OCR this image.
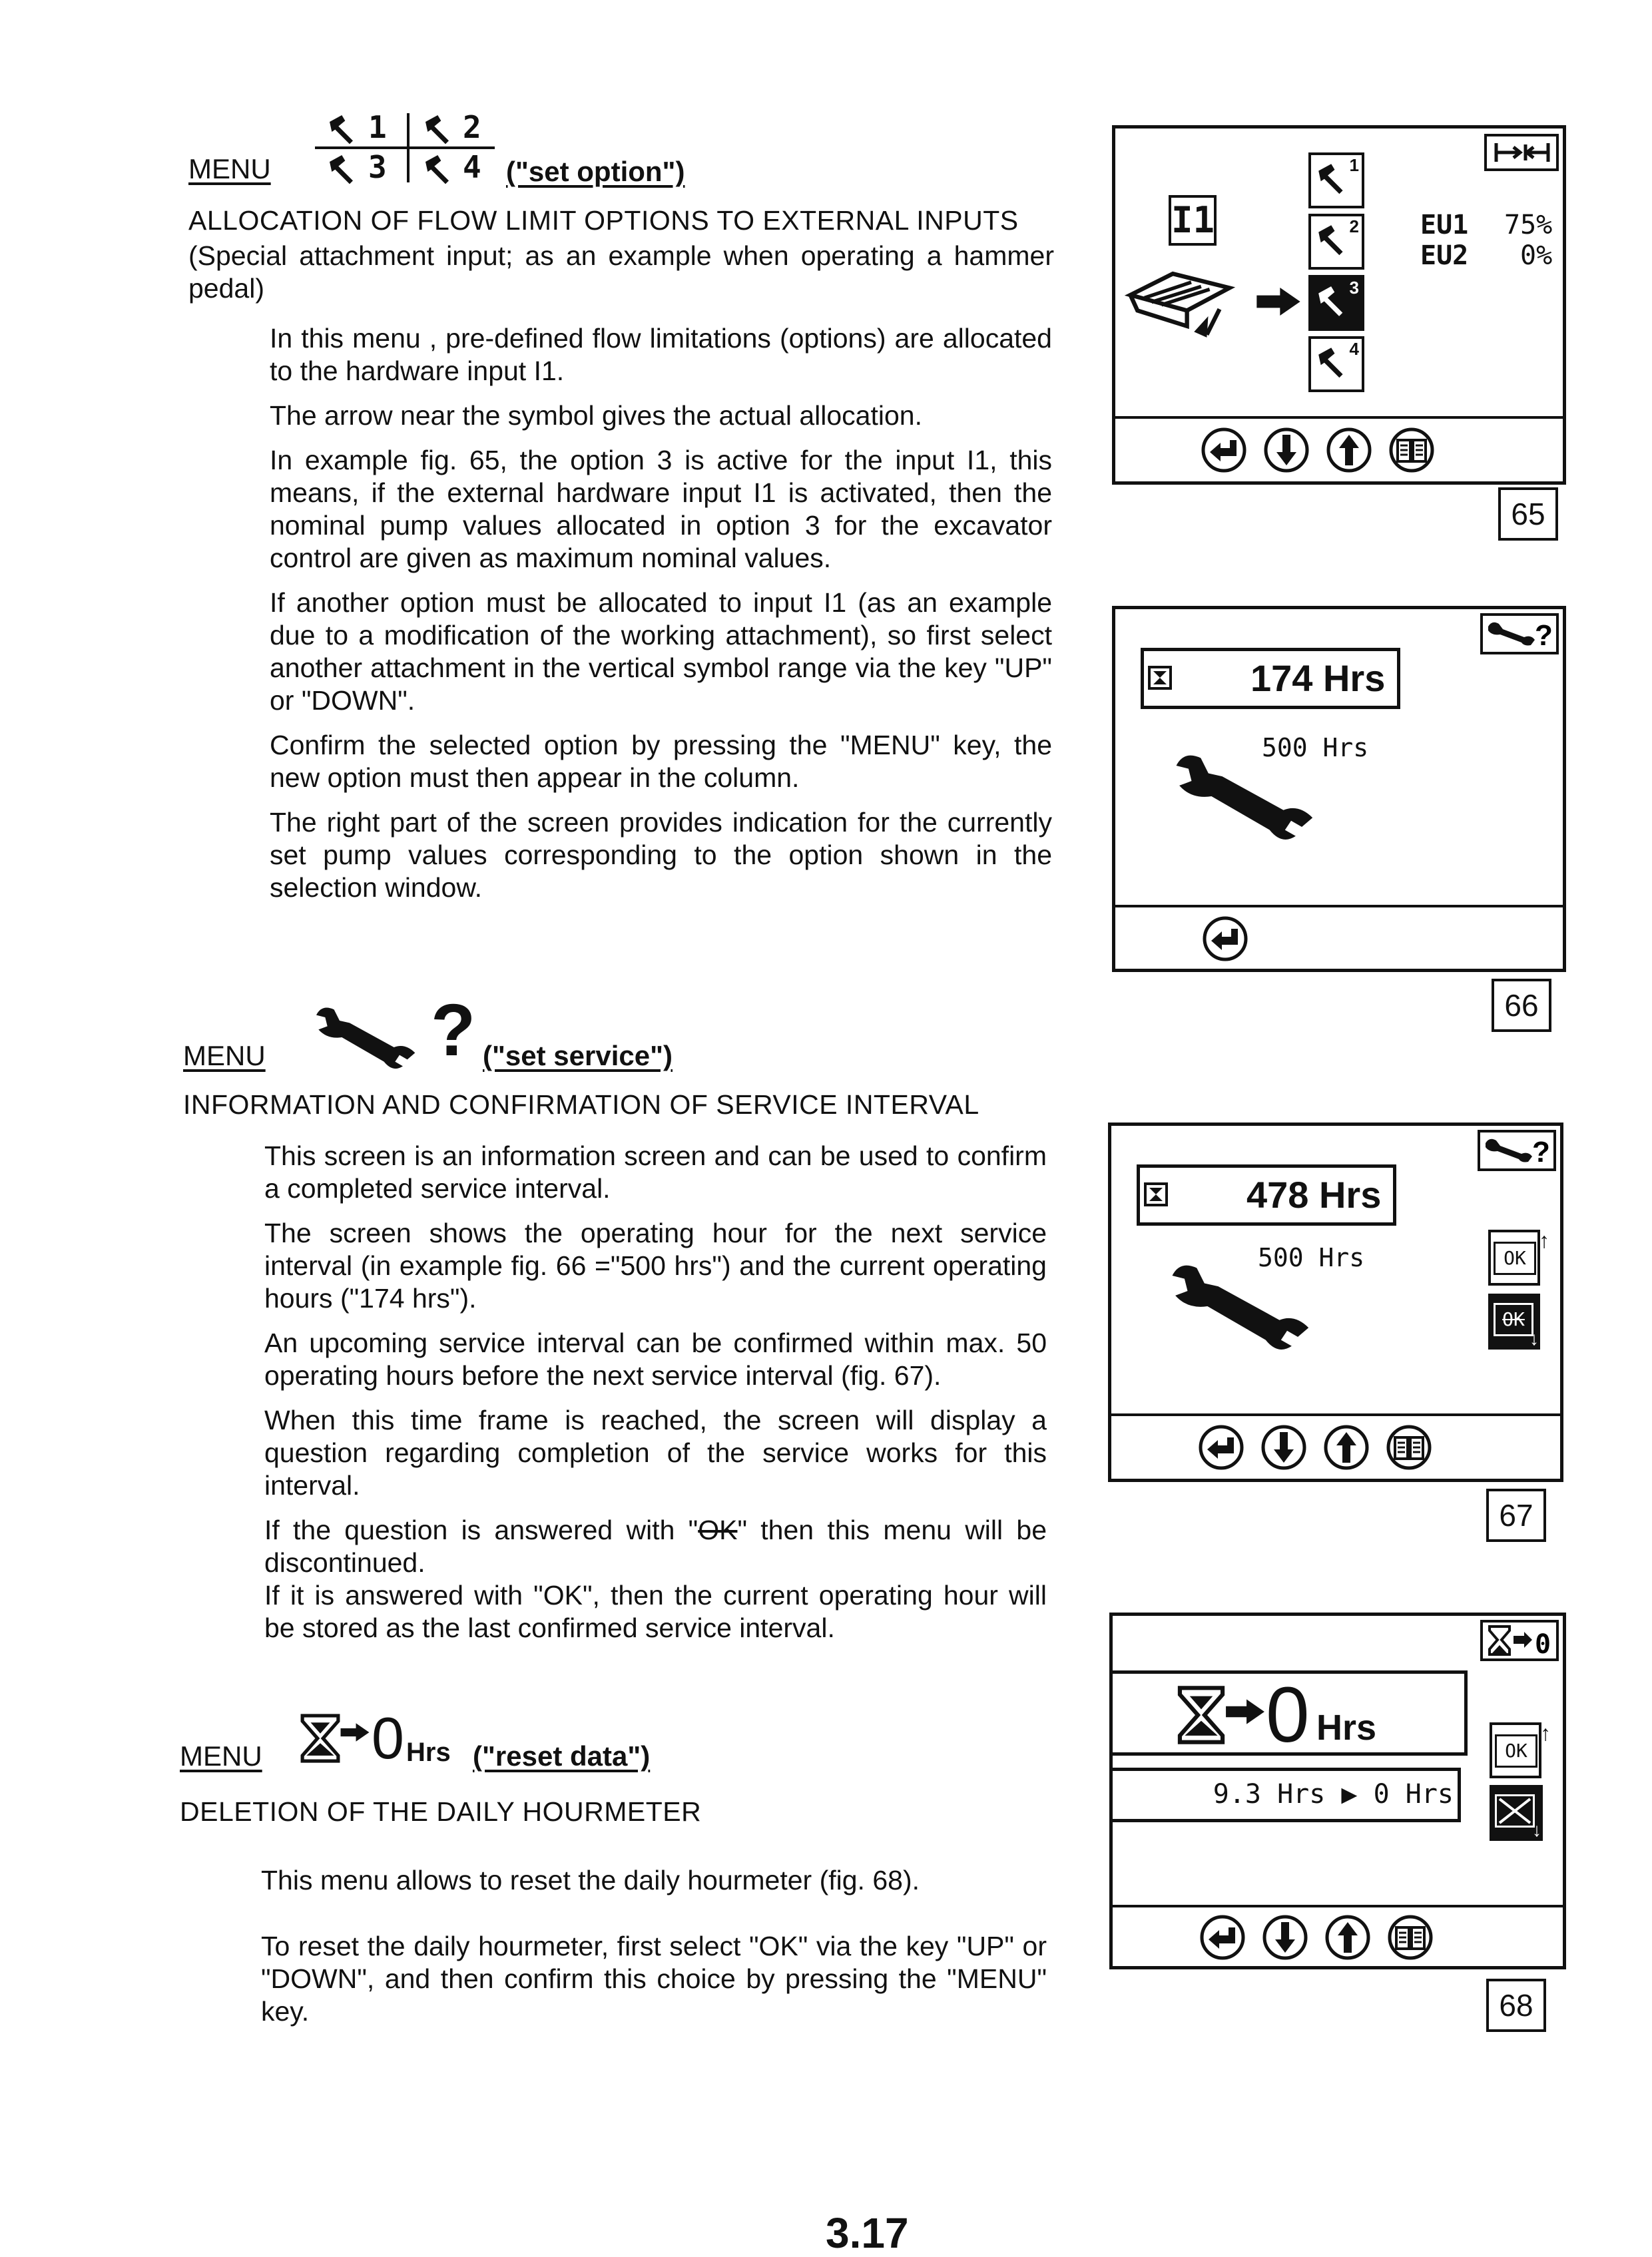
MENU
1 2
3 4 ("set option")
ALLOCATION OF FLOW LIMIT OPTIONS TO EXTERNAL INPUTS
(Special attachment input; as an example when operating a hammer pedal)

In this menu , pre-defined flow limitations (options) are allocated to the hardware input I1.

The arrow near the symbol gives the actual allocation.

In example fig. 65, the option 3 is active for the input I1, this means, if the external hardware input I1 is activated, then the nominal pump values allocated in option 3 for the excavator control are given as maximum nominal values.

If another option must be allocated to input I1 (as an example due to a modification of the working attachment), so first select another attachment in the vertical symbol range via the key "UP" or "DOWN".

Confirm the selected option by pressing the "MENU" key, the new option must then appear in the column.

The right part of the screen provides indication for the currently set pump values corresponding to the option shown in the selection window.

MENU ? ("set service")
INFORMATION AND CONFIRMATION OF SERVICE INTERVAL

This screen is an information screen and can be used to confirm a completed service interval.

The screen shows the operating hour for the next service interval (in example fig. 66 ="500 hrs") and the current operating hours ("174 hrs").

An upcoming service interval can be confirmed within max. 50 operating hours before the next service interval (fig. 67).

When this time frame is reached, the screen will display a question regarding completion of the service works for this interval.

If the question is answered with "OK" then this menu will be discontinued.

If it is answered with "OK", then the current operating hour will be stored as the last confirmed service interval.

MENU 0 Hrs ("reset data")
DELETION OF THE DAILY HOURMETER

This menu allows to reset the daily hourmeter (fig. 68).

To reset the daily hourmeter, first select "OK" via the key "UP" or "DOWN", and then confirm this choice by pressing the "MENU" key.

I1
1
2
3
4
EU1 75%
EU2 0%
65
?
174 Hrs
500 Hrs
66
?
478 Hrs
500 Hrs	OK
↑
OK
↓
67
0
0 Hrs
9.3 Hrs ▶ 0 Hrs
OK
↑
↓
68
3.17
